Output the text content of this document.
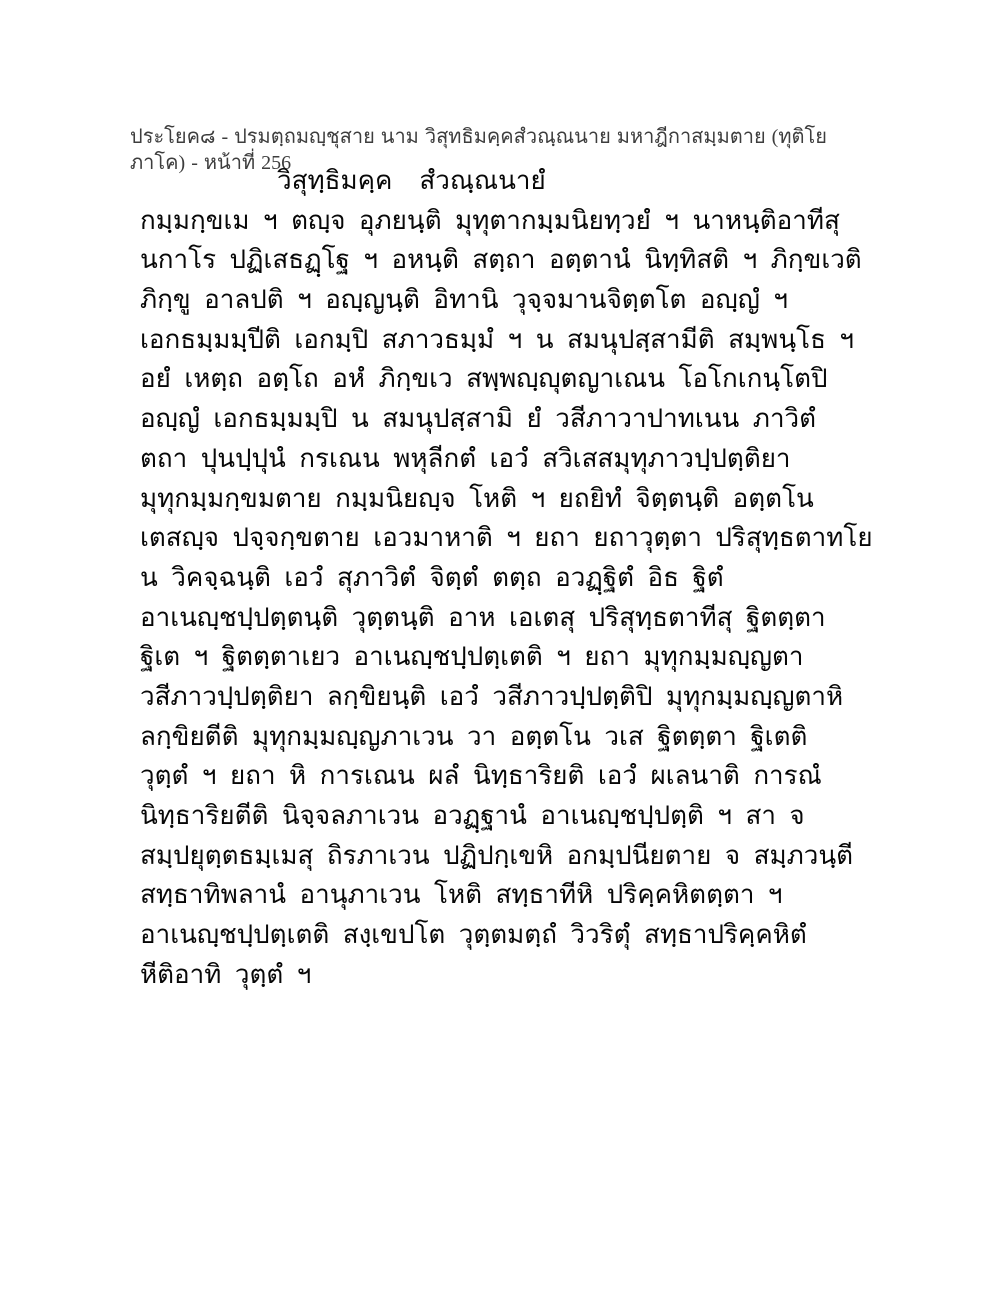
ประโยค๘ - ปรมตฺถมญฺชุสาย นาม วิสุทธิมคฺคสํวณฺณนาย มหาฎีกาสมฺมตาย (ทุติโย ภาโค) - หน้าที่ 256
วิสุทฺธิมคฺค  สํวณฺณนายํ
กมฺมกฺขเม ฯ ตญฺจ อุภยนฺติ มุทุตากมฺมนิยทฺวยํ ฯ นาหนฺติอาทีสุ
นกาโร ปฏิเสธฏฺโฐ ฯ อหนฺติ สตฺถา อตฺตานํ นิทฺทิสติ ฯ ภิกฺขเวติ
ภิกฺขู อาลปติ ฯ อญฺญนฺติ อิทานิ วุจฺจมานจิตฺตโต อญฺญํ ฯ
เอกธมฺมมฺปีติ เอกมฺปิ สภาวธมฺมํ ฯ น สมนุปสฺสามีติ สมฺพนฺโธ ฯ
อยํ เหตฺถ อตฺโถ อหํ ภิกฺขเว สพฺพญฺญุตญาเณน โอโกเกนฺโตปิ
อญฺญํ เอกธมฺมมฺปิ น สมนุปสฺสามิ ยํ วสีภาวาปาทเนน ภาวิตํ
ตถา ปุนปฺปุนํ กรเณน พหุลีกตํ เอวํ สวิเสสมุทุภาวปฺปตฺติยา
มุทุกมฺมกฺขมตาย กมฺมนิยญฺจ โหติ ฯ ยถยิทํ จิตฺตนฺติ อตฺตโน
เตสญฺจ ปจฺจกฺขตาย เอวมาหาติ ฯ ยถา ยถาวุตฺตา ปริสุทฺธตาทโย
น วิคจฺฉนฺติ เอวํ สุภาวิตํ จิตฺตํ ตตฺถ อวฏฺฐิตํ อิธ ฐิตํ
อาเนญฺชปฺปตฺตนฺติ วุตฺตนฺติ อาห เอเตสุ ปริสุทฺธตาทีสุ ฐิตตฺตา
ฐิเต ฯ ฐิตตฺตาเยว อาเนญฺชปฺปตฺเตติ ฯ ยถา มุทุกมฺมญฺญตา
วสีภาวปฺปตฺติยา ลกฺขิยนฺติ เอวํ วสีภาวปฺปตฺติปิ มุทุกมฺมญฺญตาหิ
ลกฺขิยตีติ มุทุกมฺมญฺญภาเวน วา อตฺตโน วเส ฐิตตฺตา ฐิเตติ
วุตฺตํ ฯ ยถา หิ การเณน ผลํ นิทฺธาริยติ เอวํ ผเลนาติ การณํ
นิทฺธาริยตีติ นิจฺจลภาเวน อวฏฺฐานํ อาเนญฺชปฺปตฺติ ฯ สา จ
สมฺปยุตฺตธมฺเมสุ ถิรภาเวน ปฏิปกฺเขหิ อกมฺปนียตาย จ สมฺภวนฺตี
สทฺธาทิพลานํ อานุภาเวน โหติ สทฺธาทีหิ ปริคฺคหิตตฺตา ฯ
อาเนญฺชปฺปตฺเตติ สงฺเขปโต วุตฺตมตฺถํ วิวริตุํ สทฺธาปริคฺคหิตํ
หีติอาทิ วุตฺตํ ฯ
